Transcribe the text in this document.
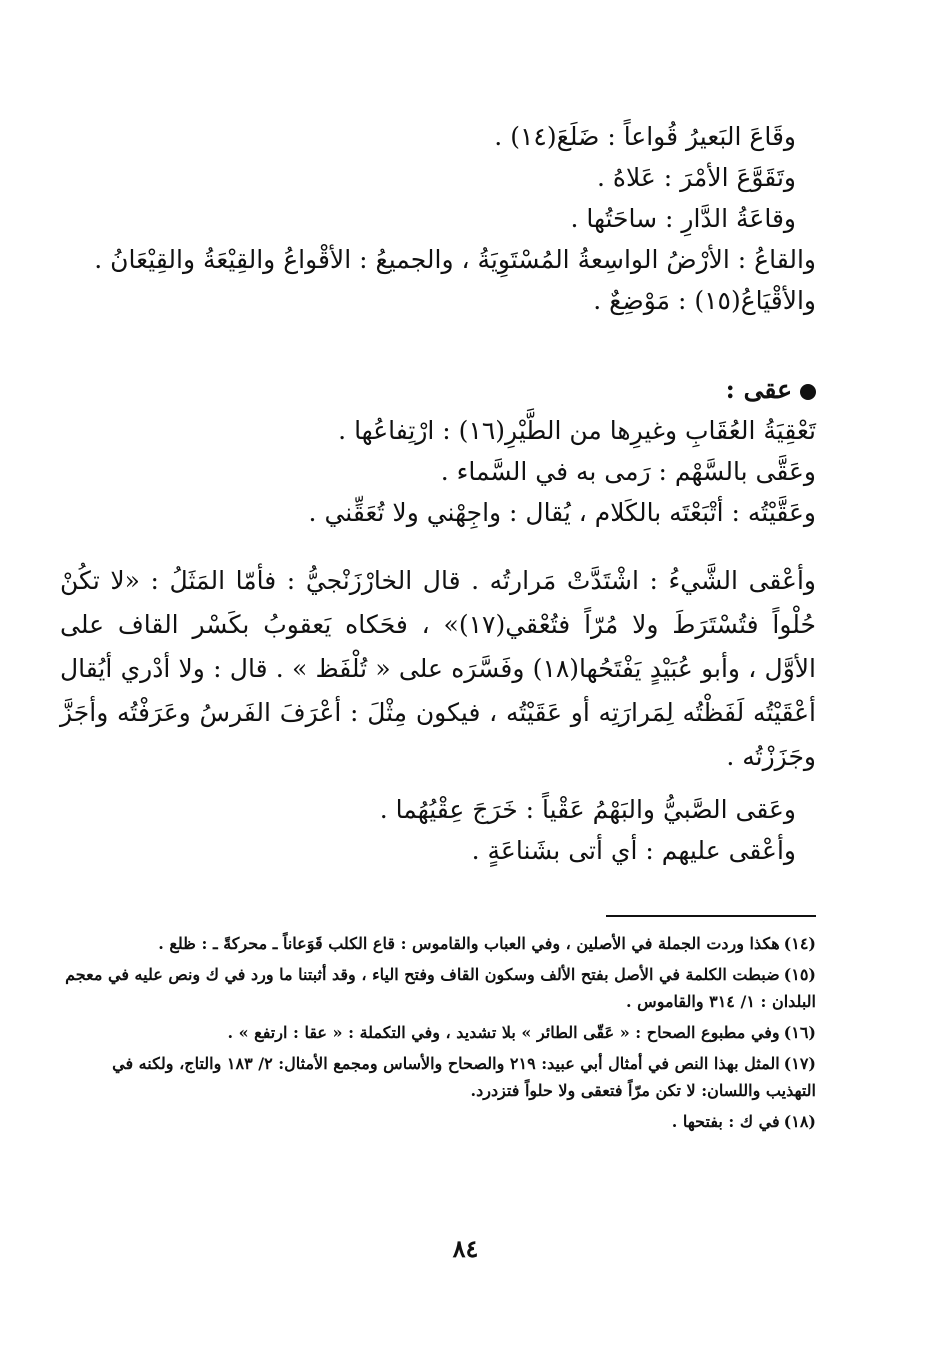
وقَاعَ البَعيرُ قُواعاً : ضَلَعَ(١٤) .

وتَقَوَّعَ الأمْرَ : عَلاهُ .

وقاعَةُ الدَّارِ : ساحَتُها .

والقاعُ : الأرْضُ الواسِعةُ المُسْتَوِيَةُ ، والجميعُ : الأقْواعُ والقِيْعَةُ والقِيْعَانُ .

والأقْيَاعُ(١٥) : مَوْضِعٌ .

عقى :

تَعْقِيَةُ العُقَابِ وغيرِها من الطَّيْرِ(١٦) : ارْتِفاعُها .

وعَقَّى بالسَّهْم : رَمى به في السَّماء .

وعَقَّيْتُه : أتْبَعْتَه بالكَلام ، يُقال : واجِهْني ولا تُعَقِّني .

وأعْقى الشَّيءُ : اشْتَدَّتْ مَرارتُه . قال الخارْزَنْجيُّ : فأمّا المَثَلُ : «لا تكُنْ حُلْواً فتُسْتَرَطَ ولا مُرّاً فتُعْقي(١٧)» ، فحَكاه يَعقوبُ بكَسْر القاف على الأوَّل ، وأبو عُبَيْدٍ يَفْتَحُها(١٨) وفَسَّرَه على « تُلْفَظ » . قال : ولا أدْري أيُقال أعْقَيْتُه لَفَظْتُه لِمَرارَتِه أو عَقَيْتُه ، فيكون مِثْلَ : أعْرَفَ الفَرسُ وعَرَفْتُه وأجَزَّ وجَزَزْتُه .

وعَقى الصَّبيُّ والبَهْمُ عَقْياً : خَرَجَ عِقْيُهُما .

وأعْقى عليهم : أي أتى بشَناعَةٍ .

(١٤)هكذا وردت الجملة في الأصلين ، وفي العباب والقاموس : قاع الكلب قَوَعاناً ـ محركةً ـ : ظلع .

(١٥)ضبطت الكلمة في الأصل بفتح الألف وسكون القاف وفتح الياء ، وقد أثبتنا ما ورد في ك ونص عليه في معجم البلدان : ١/ ٣١٤ والقاموس .

(١٦)وفي مطبوع الصحاح : « عَقّى الطائر » بلا تشديد ، وفي التكملة : « عقا : ارتفع » .

(١٧)المثل بهذا النص في أمثال أبي عبيد: ٢١٩ والصحاح والأساس ومجمع الأمثال: ٢/ ١٨٣ والتاج، ولكنه في التهذيب واللسان: لا تكن مرّاً فتعقى ولا حلواً فتزدرد.

(١٨)في ك : بفتحها .

٨٤
